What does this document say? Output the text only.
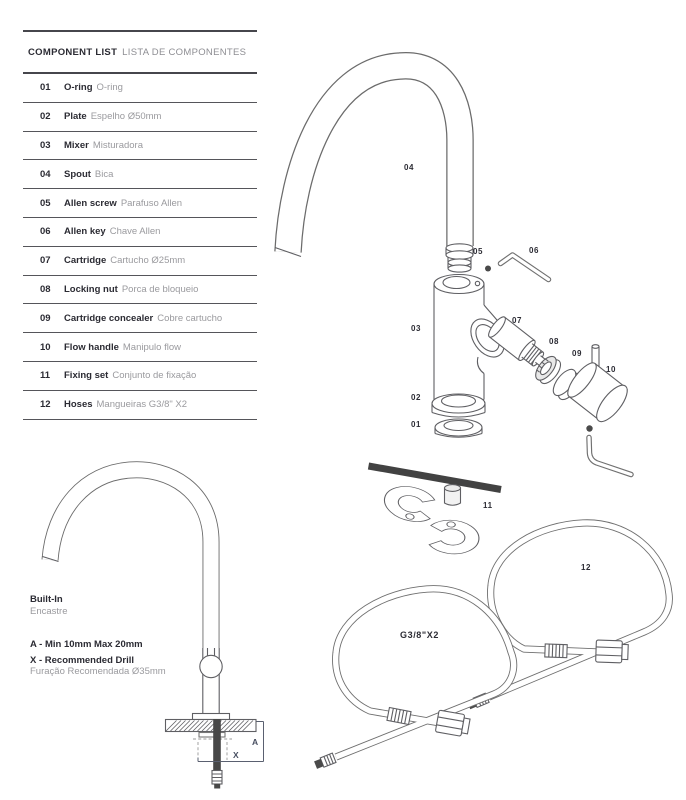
COMPONENT LIST LISTA DE COMPONENTES
01	O-ring O-ring
02	Plate Espelho Ø50mm
03	Mixer Misturadora
04	Spout Bica
05	Allen screw Parafuso Allen
06	Allen key Chave Allen
07	Cartridge Cartucho Ø25mm
08	Locking nut Porca de bloqueio
09	Cartridge concealer Cobre cartucho
10	Flow handle Manipulo flow
11	Fixing set Conjunto de fixação
12	Hoses Mangueiras G3/8" X2
04
05	06
03
07
08
09
10
02
01
11
12
G3/8"X2
A
X
Built-In
Encastre
A - Min 10mm Max 20mm
X - Recommended Drill
Furação Recomendada Ø35mm
